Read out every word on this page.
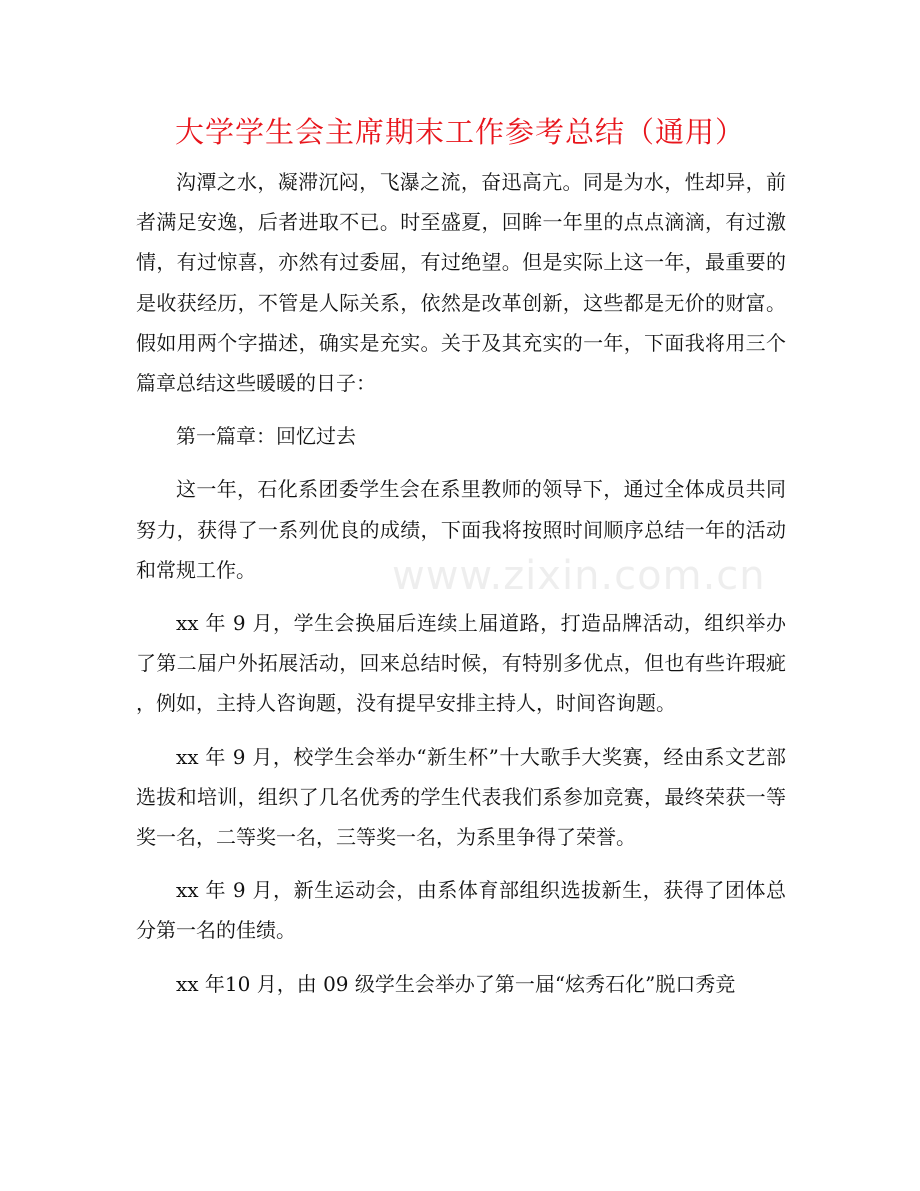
大学学生会主席期末工作参考总结（通用）

沟潭之水，凝滞沉闷，飞瀑之流，奋迅高亢。同是为水，性却异，前者满足安逸，后者进取不已。时至盛夏，回眸一年里的点点滴滴，有过激情，有过惊喜，亦然有过委屈，有过绝望。但是实际上这一年，最重要的是收获经历，不管是人际关系，依然是改革创新，这些都是无价的财富。假如用两个字描述，确实是充实。关于及其充实的一年，下面我将用三个篇章总结这些暖暖的日子：

第一篇章：回忆过去

这一年，石化系团委学生会在系里教师的领导下，通过全体成员共同努力，获得了一系列优良的成绩，下面我将按照时间顺序总结一年的活动和常规工作。

xx 年 9 月，学生会换届后连续上届道路，打造品牌活动，组织举办了第二届户外拓展活动，回来总结时候，有特别多优点，但也有些许瑕疵，例如，主持人咨询题，没有提早安排主持人，时间咨询题。

xx 年 9 月，校学生会举办“新生杯”十大歌手大奖赛，经由系文艺部选拔和培训，组织了几名优秀的学生代表我们系参加竞赛，最终荣获一等奖一名，二等奖一名，三等奖一名，为系里争得了荣誉。

xx 年 9 月，新生运动会，由系体育部组织选拔新生，获得了团体总分第一名的佳绩。

xx 年10 月，由 09 级学生会举办了第一届“炫秀石化”脱口秀竞

www.zixin.com.cn
